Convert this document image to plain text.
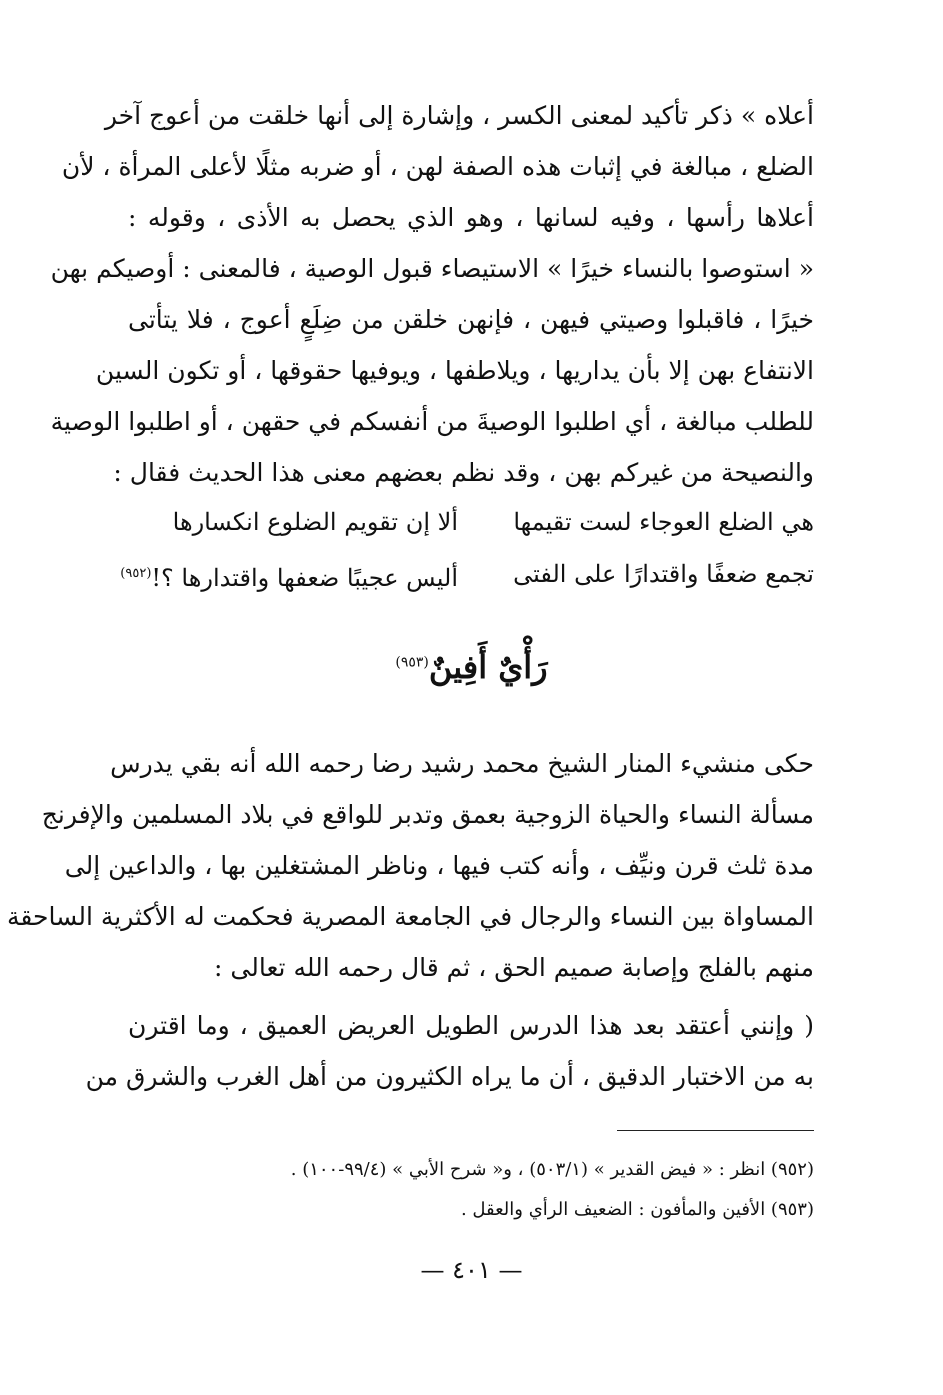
أعلاه » ذكر تأكيد لمعنى الكسر ، وإشارة إلى أنها خلقت من أعوج آخر
الضلع ، مبالغة في إثبات هذه الصفة لهن ، أو ضربه مثلًا لأعلى المرأة ، لأن
أعلاها رأسها ، وفيه لسانها ، وهو الذي يحصل به الأذى ، وقوله :
« استوصوا بالنساء خيرًا » الاستيصاء قبول الوصية ، فالمعنى : أوصيكم بهن
خيرًا ، فاقبلوا وصيتي فيهن ، فإنهن خلقن من ضِلَعٍ أعوج ، فلا يتأتى
الانتفاع بهن إلا بأن يداريها ، ويلاطفها ، ويوفيها حقوقها ، أو تكون السين
للطلب مبالغة ، أي اطلبوا الوصيةَ من أنفسكم في حقهن ، أو اطلبوا الوصية
والنصيحة من غيركم بهن ، وقد نظم بعضهم معنى هذا الحديث فقال :
هي الضلع العوجاء لست تقيمها
ألا إن تقويم الضلوع انكسارها
تجمع ضعفًا واقتدارًا على الفتى
أليس عجيبًا ضعفها واقتدارها ؟!$^{(٩٥٢)}$
رَأْيٌ أَفِينٌ$^{(٩٥٣)}$
حكى منشيء المنار الشيخ محمد رشيد رضا رحمه الله أنه بقي يدرس
مسألة النساء والحياة الزوجية بعمق وتدبر للواقع في بلاد المسلمين والإفرنج
مدة ثلث قرن ونيِّف ، وأنه كتب فيها ، وناظر المشتغلين بها ، والداعين إلى
المساواة بين النساء والرجال في الجامعة المصرية فحكمت له الأكثرية الساحقة
منهم بالفلج وإصابة صميم الحق ، ثم قال رحمه الله تعالى :
( وإنني أعتقد بعد هذا الدرس الطويل العريض العميق ، وما اقترن
به من الاختبار الدقيق ، أن ما يراه الكثيرون من أهل الغرب والشرق من
(٩٥٢) انظر : « فيض القدير » (٥٠٣/١) ، و« شرح الأبي » (٩٩/٤-١٠٠) .
(٩٥٣) الأفين والمأفون : الضعيف الرأي والعقل .
— ٤٠١ —
